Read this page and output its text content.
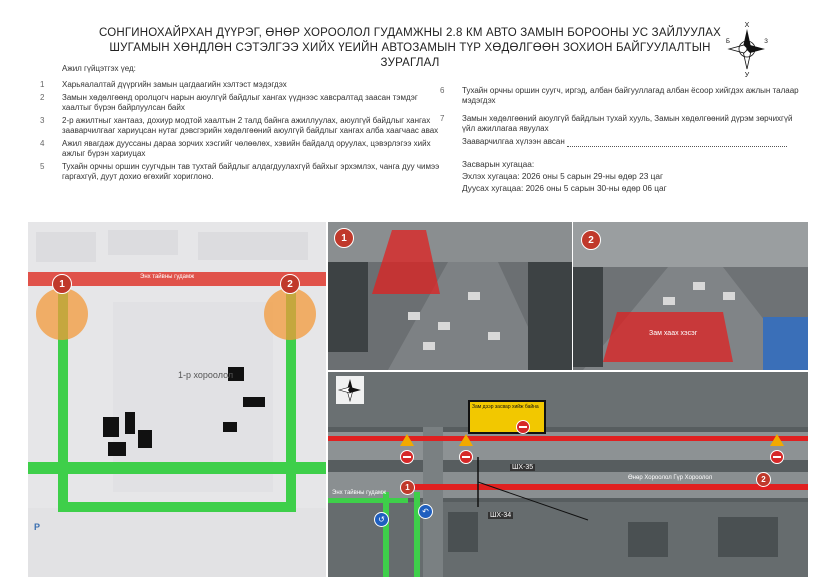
СОНГИНОХАЙРХАН ДҮҮРЭГ, ӨНӨР ХОРООЛОЛ ГУДАМЖНЫ 2.8 КМ АВТО ЗАМЫН БОРООНЫ УС ЗАЙЛУУЛАХ
ШУГАМЫН ХӨНДЛӨН СЭТЭЛГЭЭ ХИЙХ ҮЕИЙН АВТОЗАМЫН ТҮР ХӨДӨЛГӨӨН ЗОХИОН БАЙГУУЛАЛТЫН ЗУРАГЛАЛ
Х
У
Б	З
Ажил гүйцэтгэх үед:
1	Харьяалалтай дүүргийн замын цагдаагийн хэлтэст мэдэгдэх
2	Замын хөдөлгөөнд оролцогч нарын аюулгүй байдлыг хангах үүднээс хавсралтад заасан тэмдэг хаалтыг бүрэн байрлуулсан байх
3	2-р ажилтныг хантааз, дохиур модтой хаалтын 2 талд байнга ажиллуулах, аюулгүй байдлыг хангах зааварчилгааг хариуцсан нутаг дэвсгэрийн хөдөлгөөний аюулгүй байдлыг хангах алба хаагчаас авах
4	Ажил явагдаж дууссаны дараа зорчих хэсгийг чөлөөлөх, хэвийн байдалд оруулах, цэвэрлэгээ хийх ажлыг бүрэн хариуцах
5	Тухайн орчны оршин суугчдын тав тухтай байдлыг алдагдуулахгүй байхыг эрхэмлэх, чанга дуу чимээ гаргахгүй, дуут дохио өгөхийг хориглоно.
6	Тухайн орчны оршин суугч, иргэд, албан байгууллагад албан ёсоор хийгдэх ажлын талаар мэдэгдэх
7	Замын хөдөлгөөний аюулгүй байдлын тухай хууль, Замын хөдөлгөөний дүрэм зөрчихгүй үйл ажиллагаа явуулах
Зааварчилгаа хүлээн авсан
Засварын хугацаа:
Эхлэх хугацаа: 2026 оны 5 сарын 29-ны өдөр 23 цаг
Дуусах хугацаа: 2026 оны 5 сарын 30-ны өдөр 06 цаг
1	2
Энх тайвны гудамж
1-р хороолол
P
1	2
Зам хаах хэсэг
Зам дээр засвар хийж байна
1
2
↺
↶
ШХ-35
ШХ-34
Өнөр Хороолол Гүр Хороолол
Энх тайвны гудамж
